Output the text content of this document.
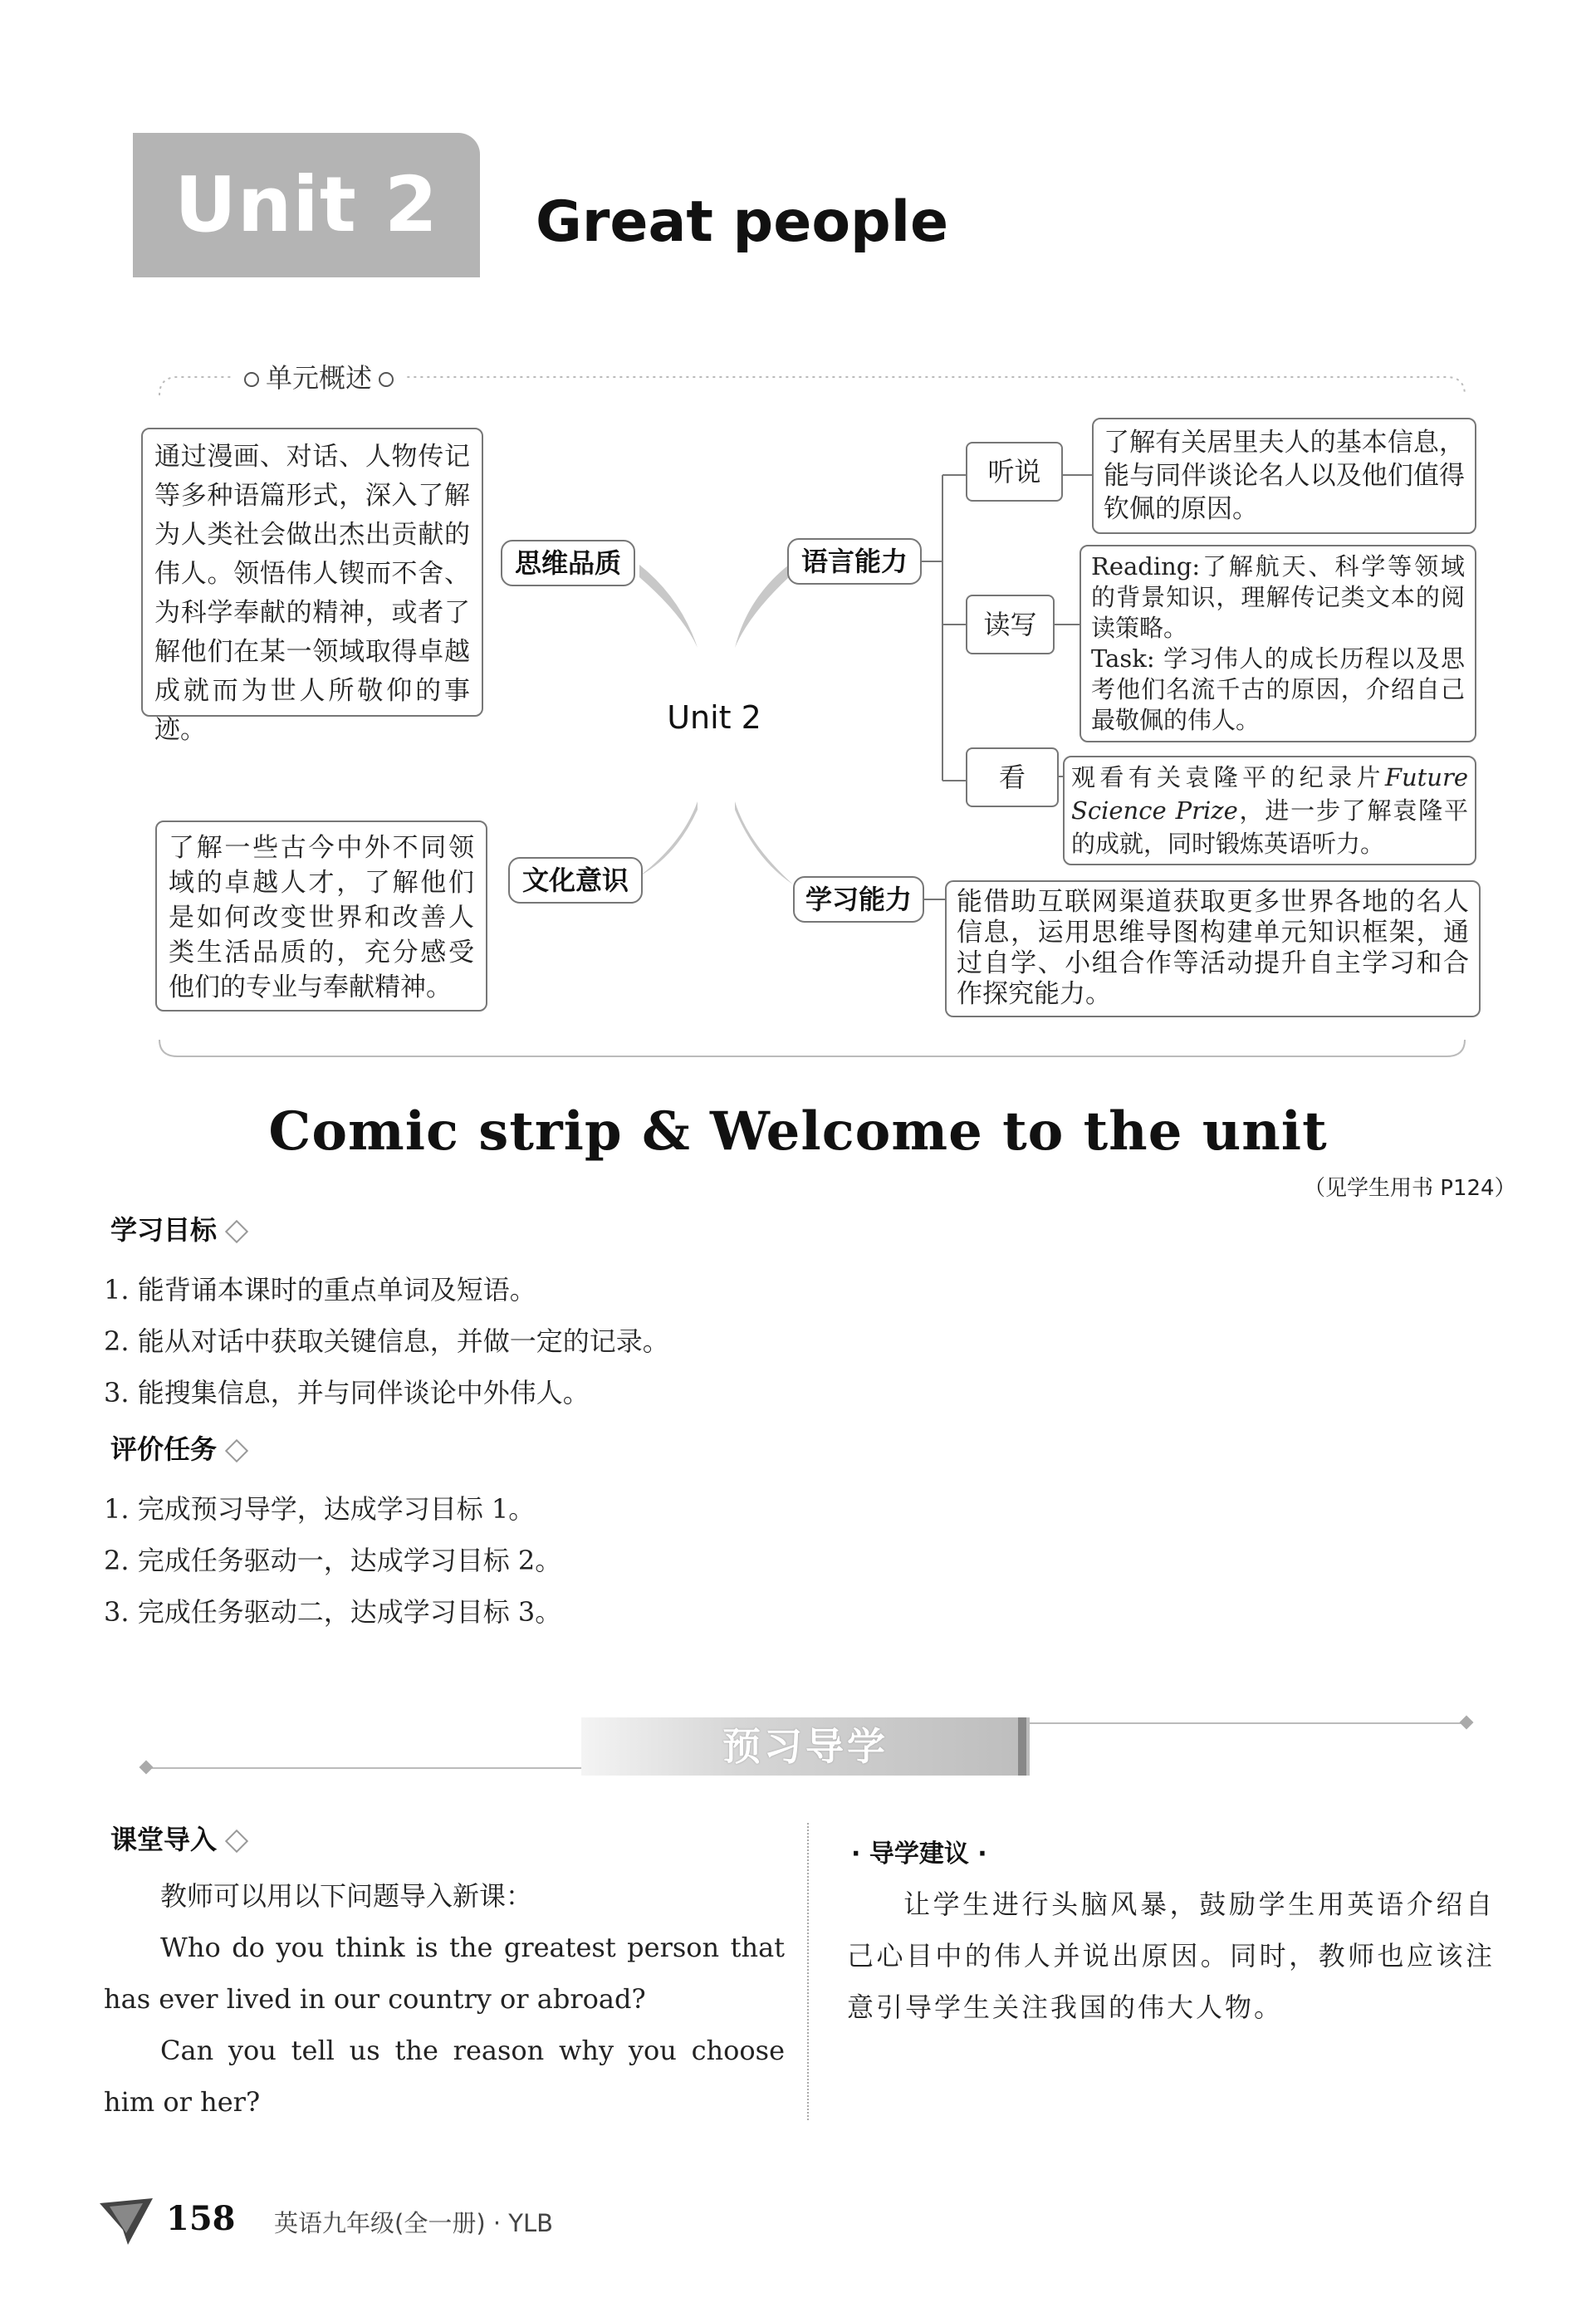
Unit 2	Great people
单元概述
Unit 2
通过漫画、对话、人物传记等多种语篇形式，深入了解为人类社会做出杰出贡献的伟人。领悟伟人锲而不舍、为科学奉献的精神，或者了解他们在某一领域取得卓越成就而为世人所敬仰的事迹。
思维品质
了解一些古今中外不同领域的卓越人才，了解他们是如何改变世界和改善人类生活品质的，充分感受他们的专业与奉献精神。
文化意识
语言能力
听说
了解有关居里夫人的基本信息，能与同伴谈论名人以及他们值得钦佩的原因。
读写
Reading:了解航天、科学等领域的背景知识，理解传记类文本的阅读策略。
Task: 学习伟人的成长历程以及思考他们名流千古的原因，介绍自己最敬佩的伟人。
看	观看有关袁隆平的纪录片Future Science Prize，进一步了解袁隆平的成就，同时锻炼英语听力。
学习能力	能借助互联网渠道获取更多世界各地的名人信息，运用思维导图构建单元知识框架，通过自学、小组合作等活动提升自主学习和合作探究能力。
Comic strip & Welcome to the unit
（见学生用书 P124）
学习目标
1. 能背诵本课时的重点单词及短语。
2. 能从对话中获取关键信息，并做一定的记录。
3. 能搜集信息，并与同伴谈论中外伟人。
评价任务
1. 完成预习导学，达成学习目标 1。
2. 完成任务驱动一，达成学习目标 2。
3. 完成任务驱动二，达成学习目标 3。
预习导学
课堂导入
教师可以用以下问题导入新课：
Who do you think is the greatest person that has ever lived in our country or abroad?
Can you tell us the reason why you choose him or her?
· 导学建议 ·
让学生进行头脑风暴，鼓励学生用英语介绍自己心目中的伟人并说出原因。同时，教师也应该注意引导学生关注我国的伟大人物。
158 英语九年级(全一册) · YLB
